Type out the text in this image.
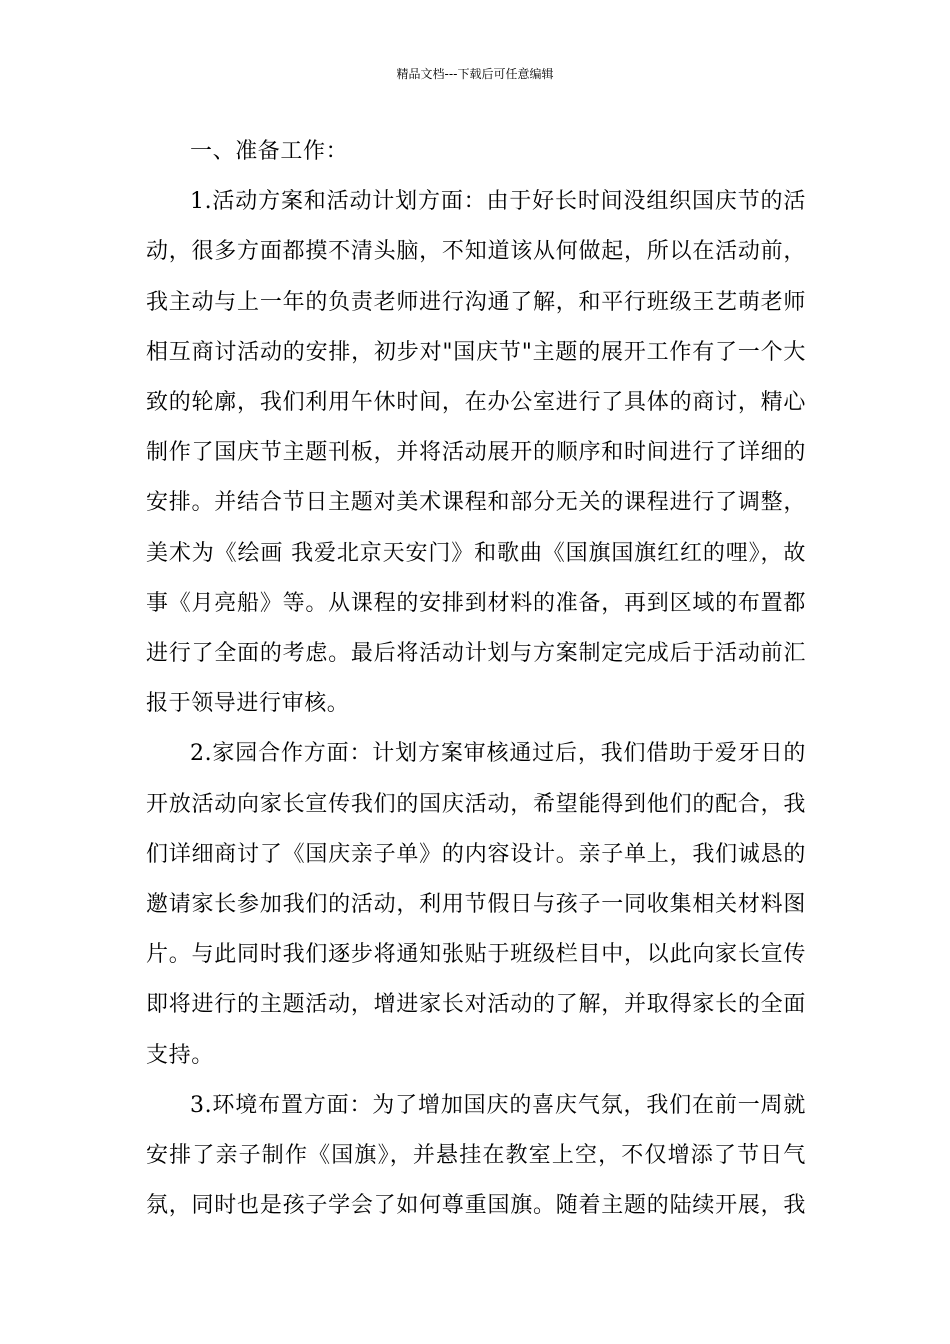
精品文档---下载后可任意编辑
一、准备工作：
1.活动方案和活动计划方面：由于好长时间没组织国庆节的活
动，很多方面都摸不清头脑，不知道该从何做起，所以在活动前，
我主动与上一年的负责老师进行沟通了解，和平行班级王艺萌老师
相互商讨活动的安排，初步对"国庆节"主题的展开工作有了一个大
致的轮廓，我们利用午休时间，在办公室进行了具体的商讨，精心
制作了国庆节主题刊板，并将活动展开的顺序和时间进行了详细的
安排。并结合节日主题对美术课程和部分无关的课程进行了调整，
美术为《绘画 我爱北京天安门》和歌曲《国旗国旗红红的哩》，故
事《月亮船》等。从课程的安排到材料的准备，再到区域的布置都
进行了全面的考虑。最后将活动计划与方案制定完成后于活动前汇
报于领导进行审核。
2.家园合作方面：计划方案审核通过后，我们借助于爱牙日的
开放活动向家长宣传我们的国庆活动，希望能得到他们的配合，我
们详细商讨了《国庆亲子单》的内容设计。亲子单上，我们诚恳的
邀请家长参加我们的活动，利用节假日与孩子一同收集相关材料图
片。与此同时我们逐步将通知张贴于班级栏目中，以此向家长宣传
即将进行的主题活动，增进家长对活动的了解，并取得家长的全面
支持。
3.环境布置方面：为了增加国庆的喜庆气氛，我们在前一周就
安排了亲子制作《国旗》，并悬挂在教室上空，不仅增添了节日气
氛，同时也是孩子学会了如何尊重国旗。随着主题的陆续开展，我
